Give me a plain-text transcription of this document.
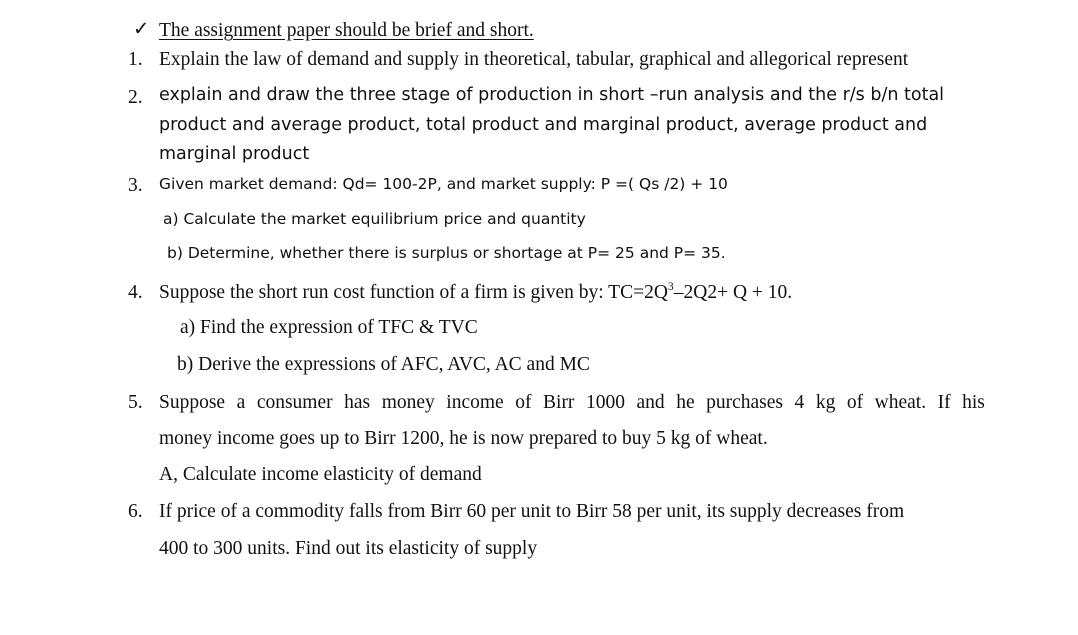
✓ The assignment paper should be brief and short.
1. Explain the law of demand and supply in theoretical, tabular, graphical and allegorical represent
2. explain and draw the three stage of production in short –run analysis and the r/s b/n total
product and average product, total product and marginal product, average product and
marginal product
3. Given market demand: Qd= 100-2P, and market supply: P =( Qs /2) + 10
a) Calculate the market equilibrium price and quantity
b) Determine, whether there is surplus or shortage at P= 25 and P= 35.
4. Suppose the short run cost function of a firm is given by: $TC=2Q^3-2Q2+ Q + 10$.
a) Find the expression of TFC & TVC
b) Derive the expressions of AFC, AVC, AC and MC
5. Suppose a consumer has money income of Birr 1000 and he purchases 4 kg of wheat. If his
money income goes up to Birr 1200, he is now prepared to buy 5 kg of wheat.
A, Calculate income elasticity of demand
6. If price of a commodity falls from Birr 60 per unit to Birr 58 per unit, its supply decreases from
400 to 300 units. Find out its elasticity of supply
